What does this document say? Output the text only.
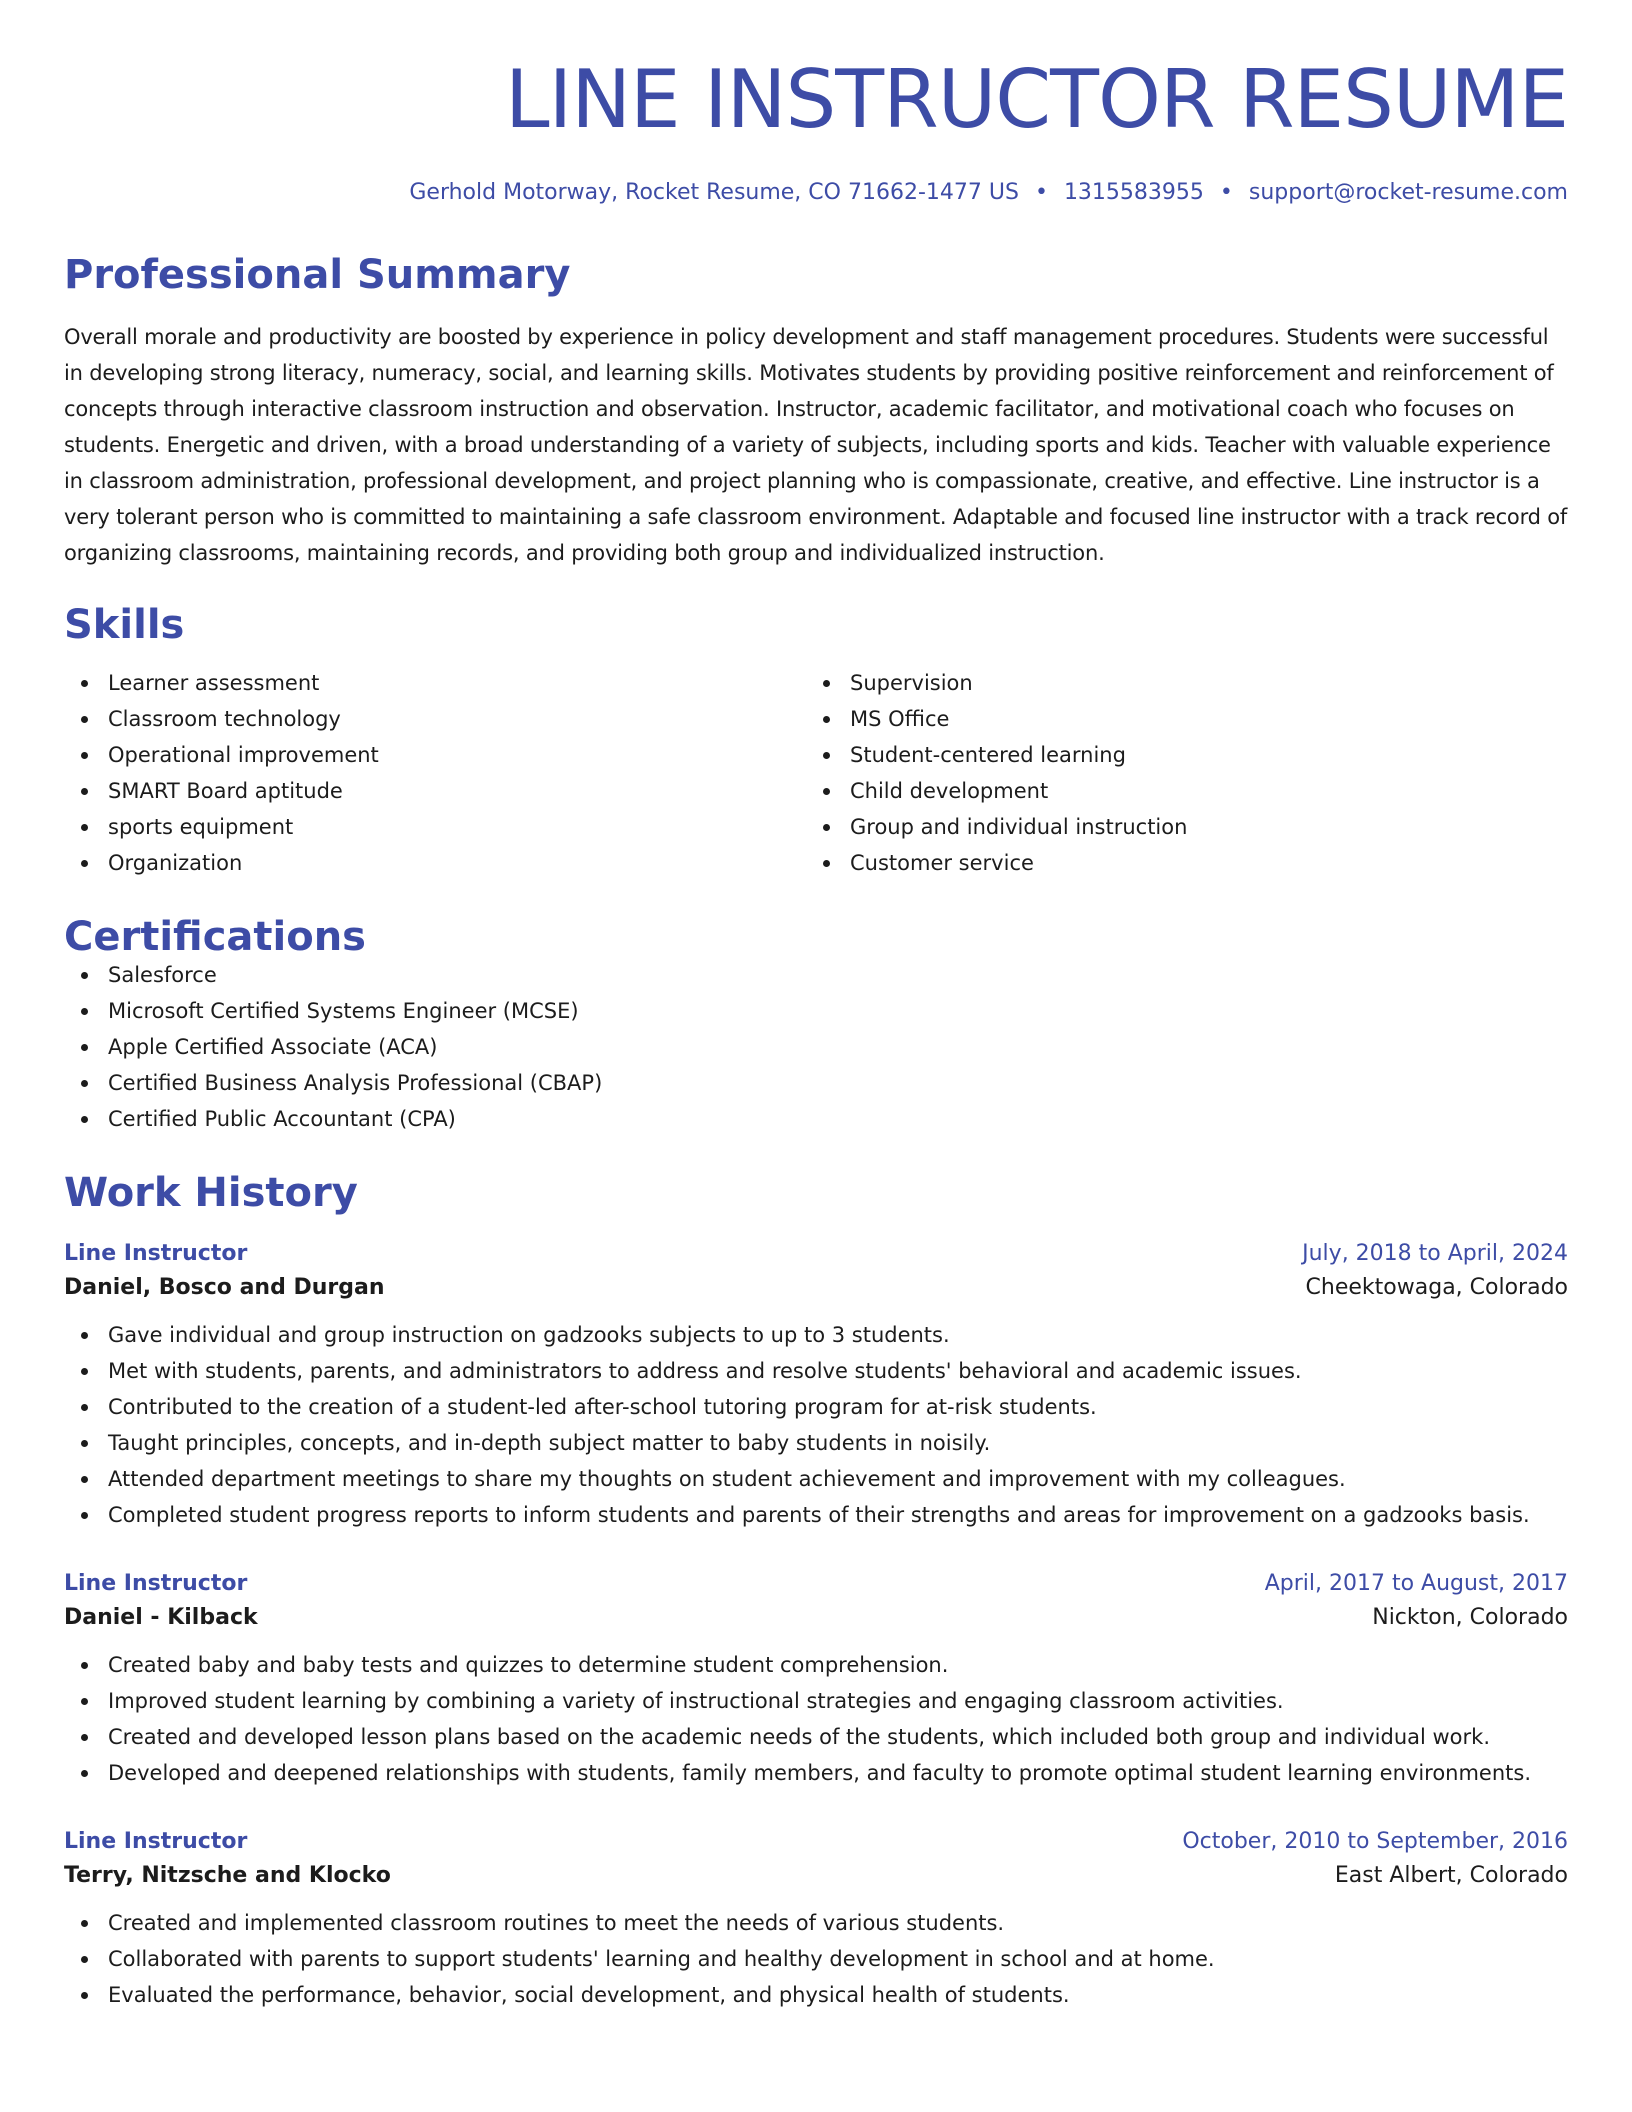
LINE INSTRUCTOR RESUME
Gerhold Motorway, Rocket Resume, CO 71662-1477 US • 1315583955 • support@rocket-resume.com
Professional Summary

Overall morale and productivity are boosted by experience in policy development and staff management procedures. Students were successful in developing strong literacy, numeracy, social, and learning skills. Motivates students by providing positive reinforcement and reinforcement of concepts through interactive classroom instruction and observation. Instructor, academic facilitator, and motivational coach who focuses on students. Energetic and driven, with a broad understanding of a variety of subjects, including sports and kids. Teacher with valuable experience in classroom administration, professional development, and project planning who is compassionate, creative, and effective. Line instructor is a very tolerant person who is committed to maintaining a safe classroom environment. Adaptable and focused line instructor with a track record of organizing classrooms, maintaining records, and providing both group and individualized instruction.

Skills
Learner assessment
Classroom technology
Operational improvement
SMART Board aptitude
sports equipment
Organization
Supervision
MS Office
Student-centered learning
Child development
Group and individual instruction
Customer service
Certifications
Salesforce
Microsoft Certified Systems Engineer (MCSE)
Apple Certified Associate (ACA)
Certified Business Analysis Professional (CBAP)
Certified Public Accountant (CPA)
Work History
Line Instructor	July, 2018 to April, 2024
Daniel, Bosco and Durgan	Cheektowaga, Colorado
Gave individual and group instruction on gadzooks subjects to up to 3 students.
Met with students, parents, and administrators to address and resolve students' behavioral and academic issues.
Contributed to the creation of a student-led after-school tutoring program for at-risk students.
Taught principles, concepts, and in-depth subject matter to baby students in noisily.
Attended department meetings to share my thoughts on student achievement and improvement with my colleagues.
Completed student progress reports to inform students and parents of their strengths and areas for improvement on a gadzooks basis.
Line Instructor	April, 2017 to August, 2017
Daniel - Kilback	Nickton, Colorado
Created baby and baby tests and quizzes to determine student comprehension.
Improved student learning by combining a variety of instructional strategies and engaging classroom activities.
Created and developed lesson plans based on the academic needs of the students, which included both group and individual work.
Developed and deepened relationships with students, family members, and faculty to promote optimal student learning environments.
Line Instructor	October, 2010 to September, 2016
Terry, Nitzsche and Klocko	East Albert, Colorado
Created and implemented classroom routines to meet the needs of various students.
Collaborated with parents to support students' learning and healthy development in school and at home.
Evaluated the performance, behavior, social development, and physical health of students.
